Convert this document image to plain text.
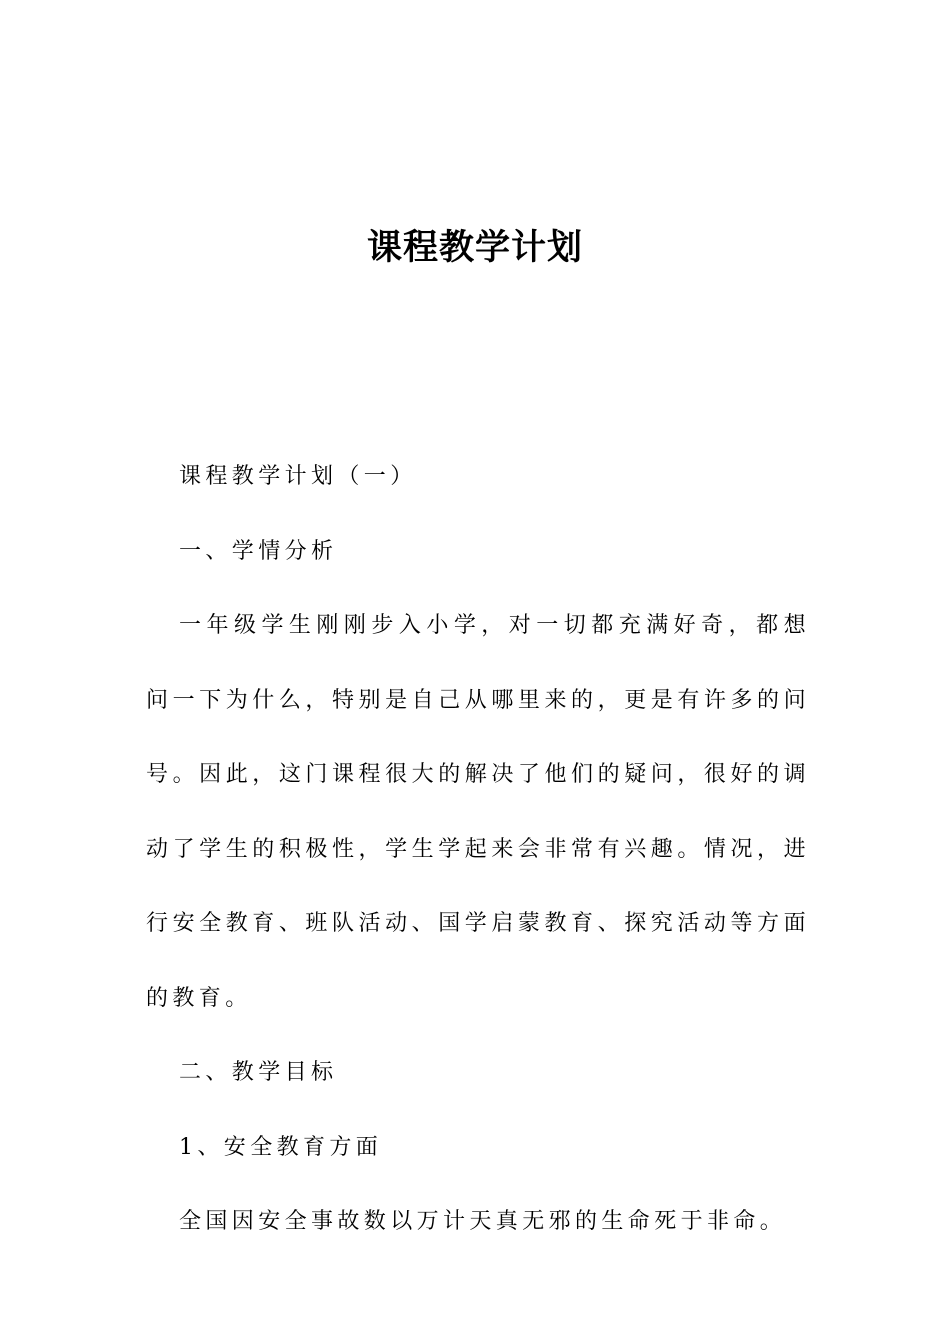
课程教学计划

课程教学计划（一）

一、学情分析

一年级学生刚刚步入小学，对一切都充满好奇，都想问一下为什么，特别是自己从哪里来的，更是有许多的问号。因此，这门课程很大的解决了他们的疑问，很好的调动了学生的积极性，学生学起来会非常有兴趣。情况，进行安全教育、班队活动、国学启蒙教育、探究活动等方面的教育。

二、教学目标

1、安全教育方面

全国因安全事故数以万计天真无邪的生命死于非命。
